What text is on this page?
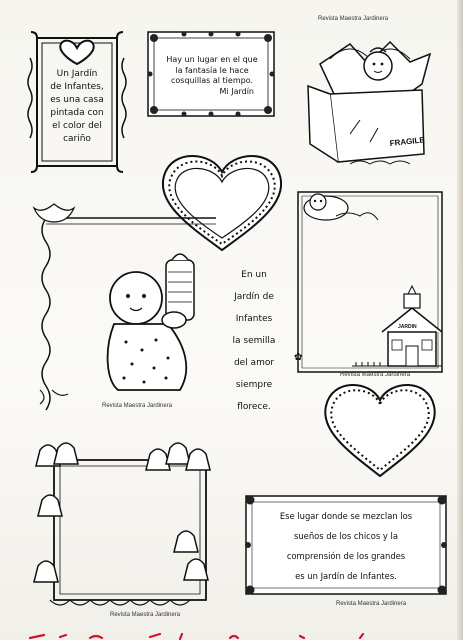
Un Jardín
de Infantes,
es una casa
pintada con
el color del
cariño
Hay un lugar en el que
la fantasía le hace
cosquillas al tiempo.
Mi Jardín
Revista Maestra Jardinera
FRAGILE
Revista Maestra Jardinera
En un
Jardín de
Infantes
la semilla
del amor
siempre
florece.
JARDIN
✿
Revista Maestra Jardinera
Revista Maestra Jardinera
Ese lugar donde se mezclan los
sueños de los chicos y la
comprensión de los grandes
es un Jardín de Infantes.
Revista Maestra Jardinera
